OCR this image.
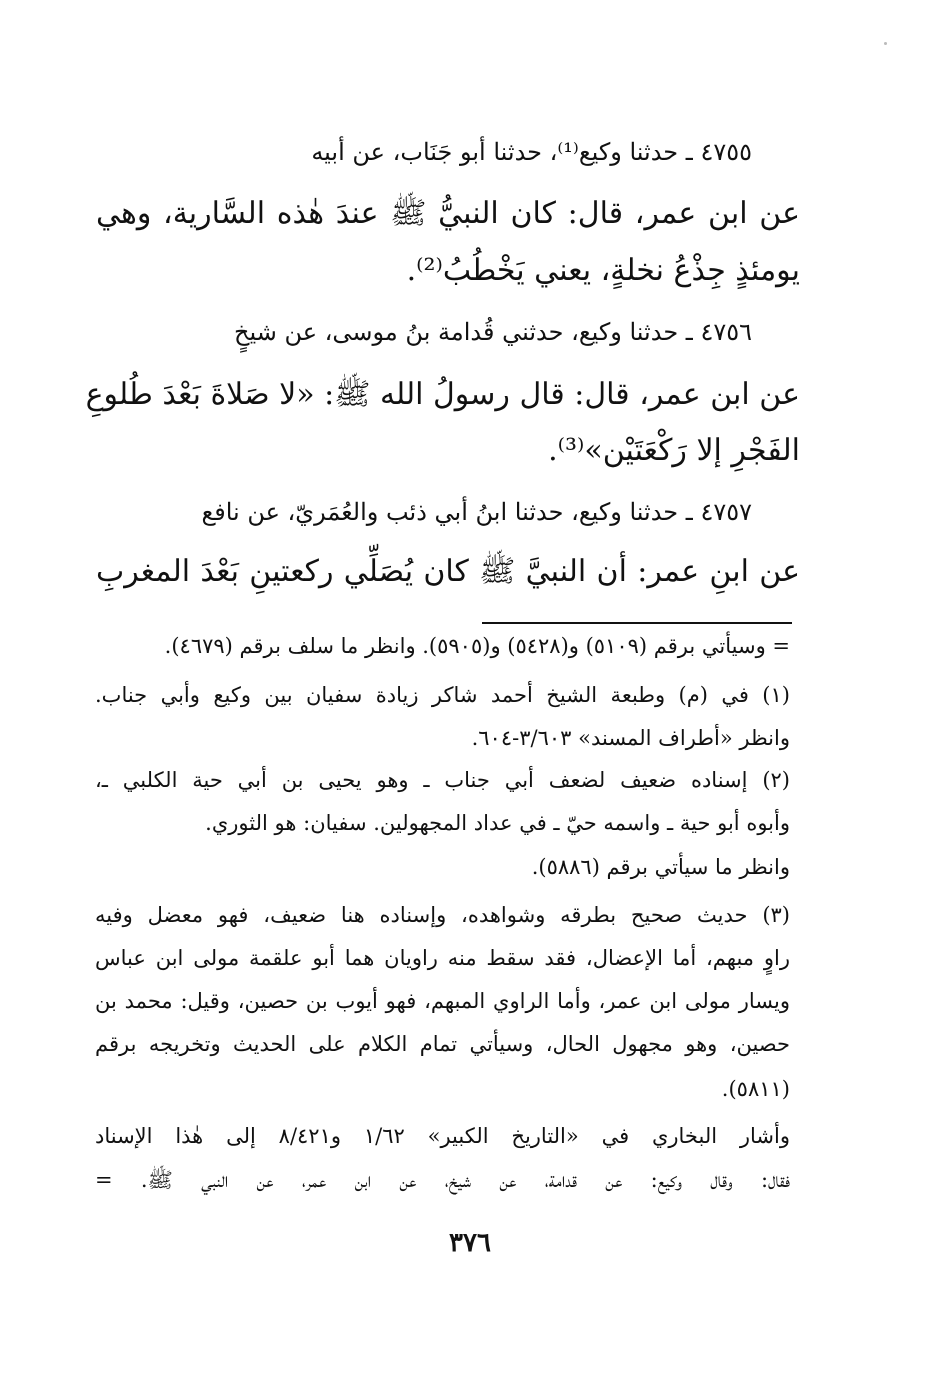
٤٧٥٥ ـ حدثنا وكيع⁽¹⁾، حدثنا أبو جَنَاب، عن أبيه
عن ابن عمر، قال: كان النبيُّ ﷺ عندَ هٰذه السَّارية، وهي
يومئذٍ جِذْعُ نخلةٍ، يعني يَخْطُبُ⁽²⁾.
٤٧٥٦ ـ حدثنا وكيع، حدثني قُدامة بنُ موسى، عن شيخٍ
عن ابن عمر، قال: قال رسولُ الله ﷺ: «لا صَلاةَ بَعْدَ طُلوعِ
الفَجْرِ إلا رَكْعَتَيْن»⁽³⁾.
٤٧٥٧ ـ حدثنا وكيع، حدثنا ابنُ أبي ذئب والعُمَريّ، عن نافع
عن ابنِ عمر: أن النبيَّ ﷺ كان يُصَلِّي ركعتينِ بَعْدَ المغربِ
= وسيأتي برقم (٥١٠٩) و(٥٤٢٨) و(٥٩٠٥). وانظر ما سلف برقم (٤٦٧٩).
(١) في (م) وطبعة الشيخ أحمد شاكر زيادة سفيان بين وكيع وأبي جناب.
وانظر «أطراف المسند» ٣/٦٠٣-٦٠٤.
(٢) إسناده ضعيف لضعف أبي جناب ـ وهو يحيى بن أبي حية الكلبي ـ،
وأبوه أبو حية ـ واسمه حيّ ـ في عداد المجهولين. سفيان: هو الثوري.
وانظر ما سيأتي برقم (٥٨٨٦).
(٣) حديث صحيح بطرقه وشواهده، وإسناده هنا ضعيف، فهو معضل وفيه
راوٍ مبهم، أما الإعضال، فقد سقط منه راويان هما أبو علقمة مولى ابن عباس
ويسار مولى ابن عمر، وأما الراوي المبهم، فهو أيوب بن حصين، وقيل: محمد بن
حصين، وهو مجهول الحال، وسيأتي تمام الكلام على الحديث وتخريجه برقم
(٥٨١١).
وأشار البخاري في «التاريخ الكبير» ١/٦٢ و٨/٤٢١ إلى هٰذا الإسناد
فقال: وقال وكيع: عن قدامة، عن شيخ، عن ابن عمر، عن النبي ﷺ. =
٣٧٦
